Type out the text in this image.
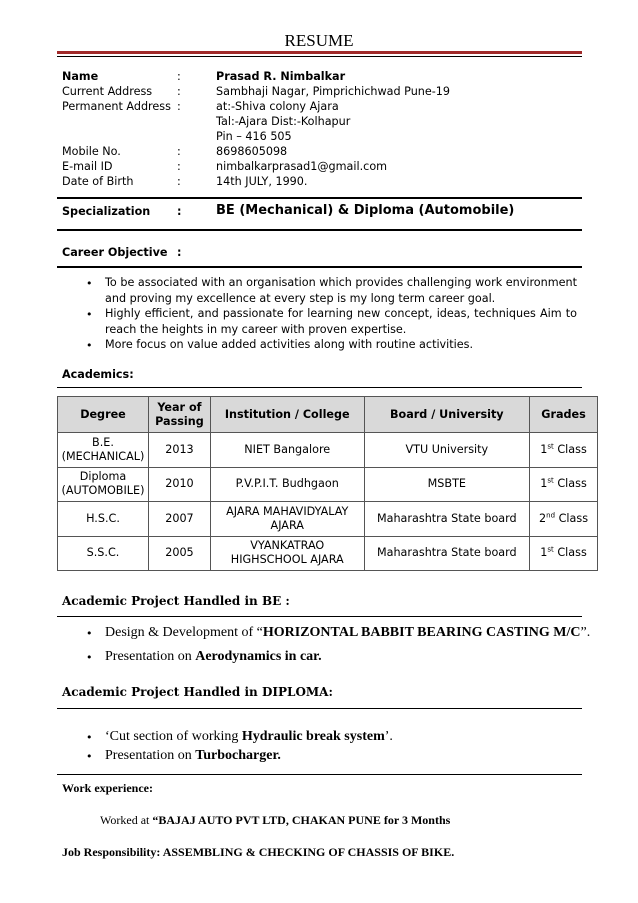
RESUME
Name	:	Prasad R. Nimbalkar
Current Address :	Sambhaji Nagar, Pimprichichwad Pune-19
Permanent Address :	at:-Shiva colony Ajara
Tal:-Ajara Dist:-Kolhapur
Pin – 416 505
Mobile No.	:	8698605098
E-mail ID	:	nimbalkarprasad1@gmail.com
Date of Birth	:	14th JULY, 1990.
Specialization :	BE (Mechanical) & Diploma (Automobile)
Career Objective :
• To be associated with an organisation which provides challenging work environment and proving my excellence at every step is my long term career goal.
• Highly efficient, and passionate for learning new concept, ideas, techniques Aim to reach the heights in my career with proven expertise.
• More focus on value added activities along with routine activities.
Academics:
Degree	Year of
Passing	Institution / College	Board / University	Grades
B.E.
(MECHANICAL)	2013	NIET Bangalore	VTU University	1st Class
Diploma
(AUTOMOBILE)	2010	P.V.P.I.T. Budhgaon	MSBTE	1st Class
H.S.C.	2007	AJARA MAHAVIDYALAY
AJARA	Maharashtra State board	2nd Class
S.S.C.	2005	VYANKATRAO
HIGHSCHOOL AJARA	Maharashtra State board	1st Class
Academic Project Handled in BE :
• Design & Development of “HORIZONTAL BABBIT BEARING CASTING M/C”.
• Presentation on Aerodynamics in car.
Academic Project Handled in DIPLOMA:
• ‘Cut section of working Hydraulic break system’.
• Presentation on Turbocharger.
Work experience:
Worked at “BAJAJ AUTO PVT LTD, CHAKAN PUNE for 3 Months
Job Responsibility: ASSEMBLING & CHECKING OF CHASSIS OF BIKE.
